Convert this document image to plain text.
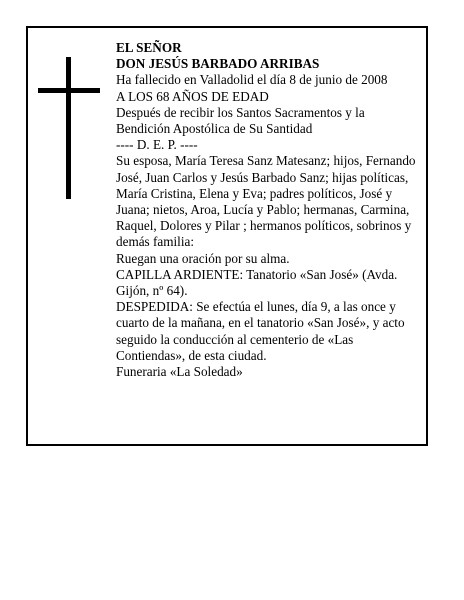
EL SEÑOR

DON JESÚS BARBADO ARRIBAS

Ha fallecido en Valladolid el día 8 de junio de 2008

A LOS 68 AÑOS DE EDAD

Después de recibir los Santos Sacramentos y la Bendición Apostólica de Su Santidad

---- D. E. P. ----

Su esposa, María Teresa Sanz Matesanz; hijos, Fernando José, Juan Carlos y Jesús Barbado Sanz; hijas políticas, María Cristina, Elena y Eva; padres políticos, José y Juana; nietos, Aroa, Lucía y Pablo; hermanas, Carmina, Raquel, Dolores y Pilar ; hermanos políticos, sobrinos y demás familia:

Ruegan una oración por su alma.

CAPILLA ARDIENTE: Tanatorio «San José» (Avda. Gijón, nº 64).

DESPEDIDA: Se efectúa el lunes, día 9, a las once y cuarto de la mañana, en el tanatorio «San José», y acto seguido la conducción al cementerio de «Las Contiendas», de esta ciudad.

Funeraria «La Soledad»
